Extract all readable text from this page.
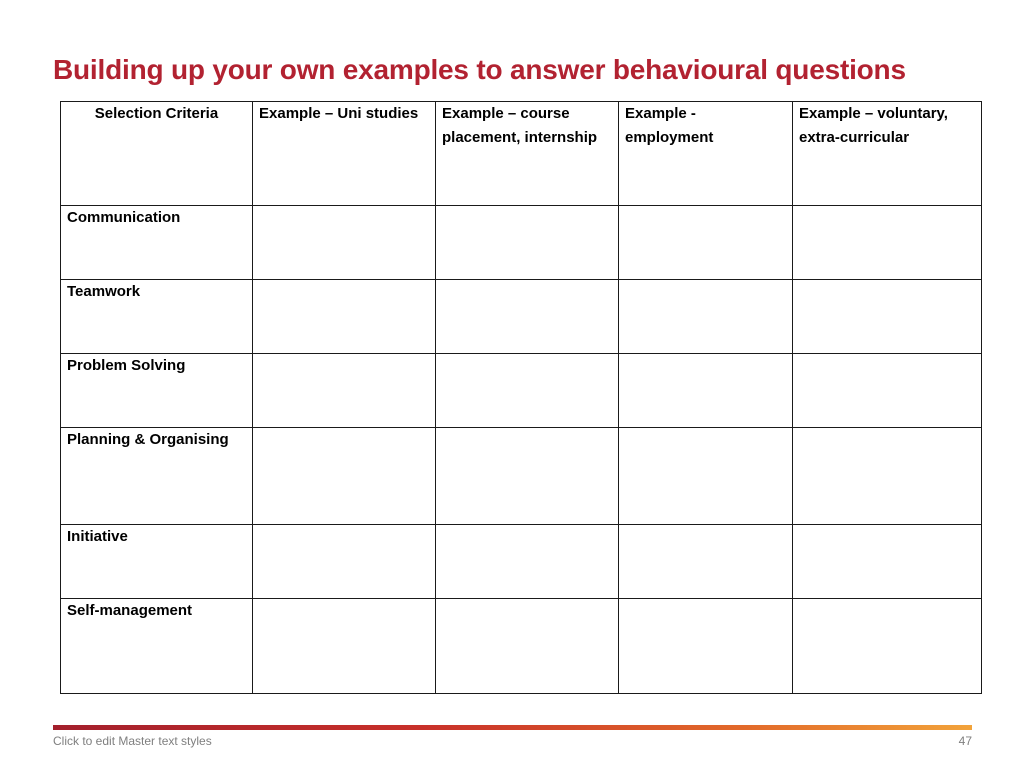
Building up your own examples to answer behavioural questions
Selection Criteria	Example – Uni studies	Example – course placement, internship	Example - employment	Example – voluntary, extra-curricular
Communication				
Teamwork				
Problem Solving				
Planning & Organising				
Initiative				
Self-management				
Click to edit Master text styles	47
